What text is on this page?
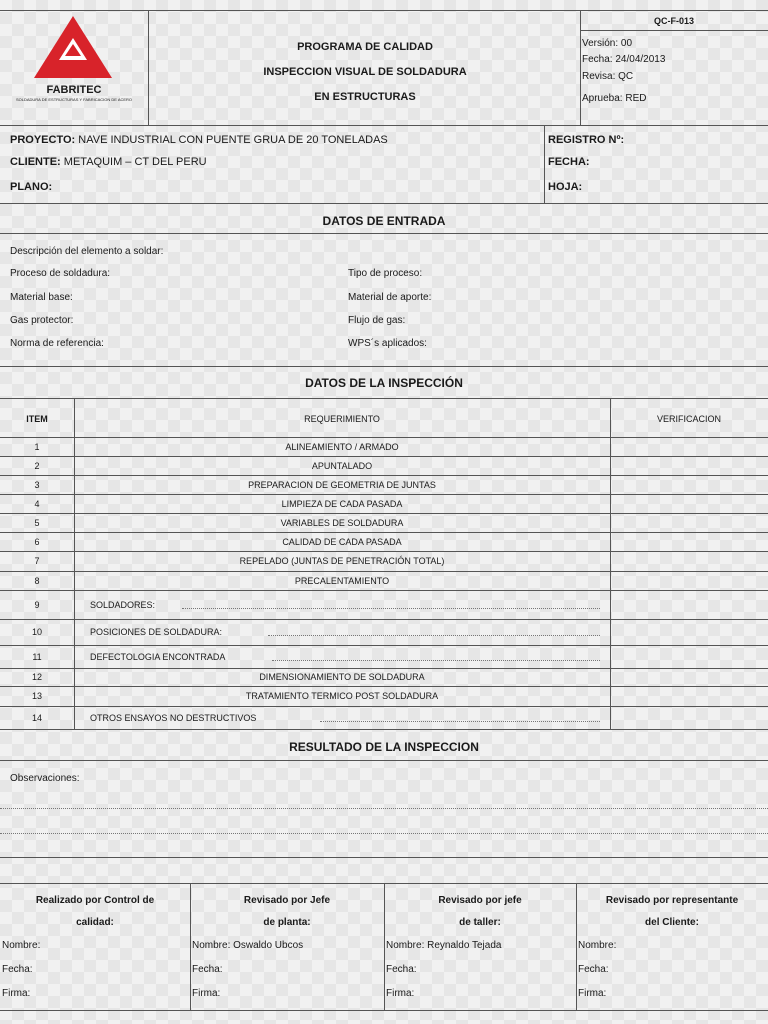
FABRITEC
SOLDADURA DE ESTRUCTURAS Y FABRICACION DE ACERO
PROGRAMA DE CALIDAD
INSPECCION VISUAL DE SOLDADURA
EN ESTRUCTURAS
QC-F-013
Versión: 00
Fecha: 24/04/2013
Revisa: QC
Aprueba: RED
PROYECTO: NAVE INDUSTRIAL CON PUENTE GRUA DE 20 TONELADAS
CLIENTE: METAQUIM – CT DEL PERU
PLANO:
REGISTRO Nº:
FECHA:
HOJA:
DATOS DE ENTRADA
Descripción del elemento a soldar:
Proceso de soldadura:
Material base:
Gas protector:
Norma de referencia:
Tipo de proceso:
Material de aporte:
Flujo de gas:
WPS´s aplicados:
DATOS DE LA INSPECCIÓN
ITEM	REQUERIMIENTO	VERIFICACION
1	ALINEAMIENTO / ARMADO
2	APUNTALADO
3	PREPARACION DE GEOMETRIA DE JUNTAS
4	LIMPIEZA DE CADA PASADA
5	VARIABLES DE SOLDADURA
6	CALIDAD DE CADA PASADA
7	REPELADO (JUNTAS DE PENETRACIÓN TOTAL)
8	PRECALENTAMIENTO
9	SOLDADORES:
10	POSICIONES DE SOLDADURA:
11	DEFECTOLOGIA ENCONTRADA
12	DIMENSIONAMIENTO DE SOLDADURA
13	TRATAMIENTO TERMICO POST SOLDADURA
14	OTROS ENSAYOS NO DESTRUCTIVOS
RESULTADO DE LA INSPECCION
Observaciones:
Realizado por Control de
calidad:
Nombre:
Fecha:
Firma:
Revisado por Jefe
de planta:
Nombre: Oswaldo Ubcos
Fecha:
Firma:
Revisado por jefe
de taller:
Nombre: Reynaldo Tejada
Fecha:
Firma:
Revisado por representante
del Cliente:
Nombre:
Fecha:
Firma:
